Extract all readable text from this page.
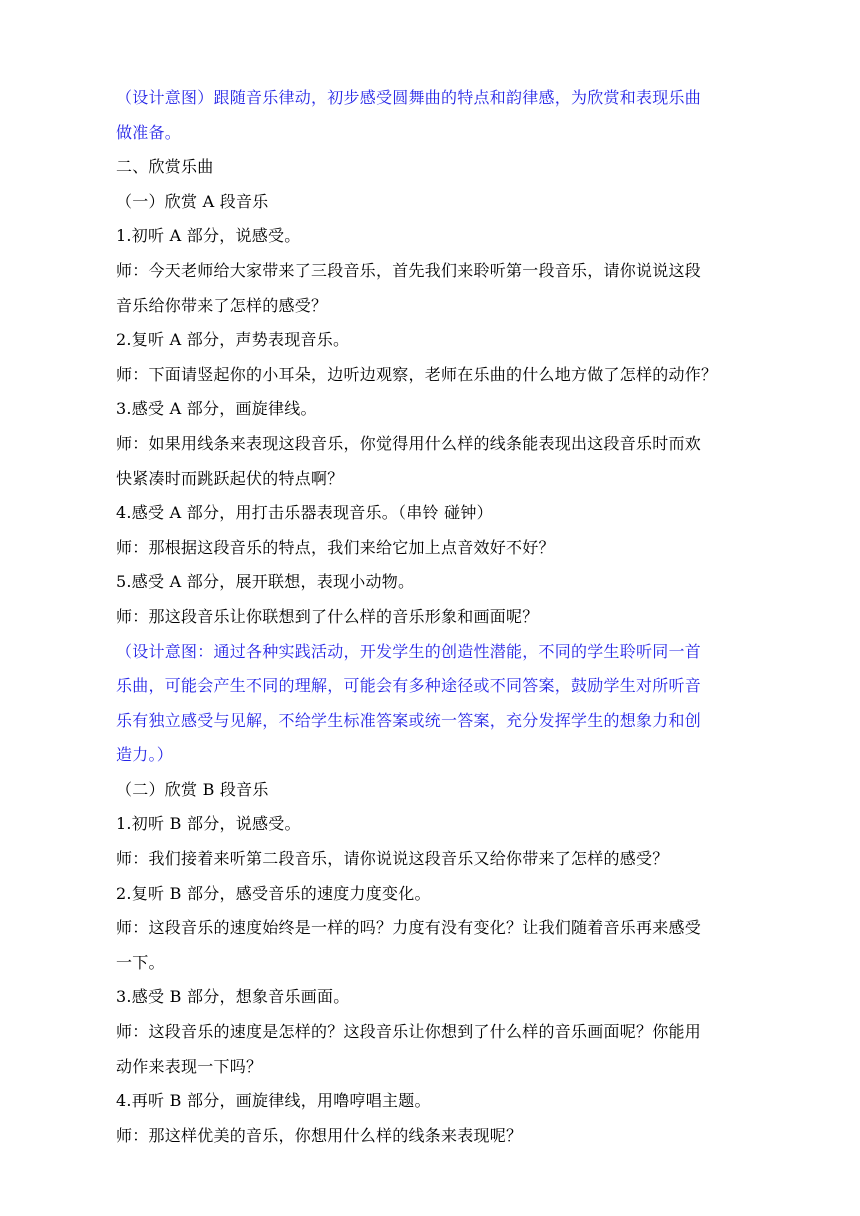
（设计意图）跟随音乐律动，初步感受圆舞曲的特点和韵律感，为欣赏和表现乐曲
做准备。
二、欣赏乐曲
（一）欣赏 A 段音乐
1.初听 A 部分，说感受。
师：今天老师给大家带来了三段音乐，首先我们来聆听第一段音乐，请你说说这段
音乐给你带来了怎样的感受？
2.复听 A 部分，声势表现音乐。
师：下面请竖起你的小耳朵，边听边观察，老师在乐曲的什么地方做了怎样的动作？
3.感受 A 部分，画旋律线。
师：如果用线条来表现这段音乐，你觉得用什么样的线条能表现出这段音乐时而欢
快紧凑时而跳跃起伏的特点啊？
4.感受 A 部分，用打击乐器表现音乐。（串铃 碰钟）
师：那根据这段音乐的特点，我们来给它加上点音效好不好？
5.感受 A 部分，展开联想，表现小动物。
师：那这段音乐让你联想到了什么样的音乐形象和画面呢？
（设计意图：通过各种实践活动，开发学生的创造性潜能，不同的学生聆听同一首
乐曲，可能会产生不同的理解，可能会有多种途径或不同答案，鼓励学生对所听音
乐有独立感受与见解，不给学生标准答案或统一答案，充分发挥学生的想象力和创
造力。）
（二）欣赏 B 段音乐
1.初听 B 部分，说感受。
师：我们接着来听第二段音乐，请你说说这段音乐又给你带来了怎样的感受？
2.复听 B 部分，感受音乐的速度力度变化。
师：这段音乐的速度始终是一样的吗？力度有没有变化？让我们随着音乐再来感受
一下。
3.感受 B 部分，想象音乐画面。
师：这段音乐的速度是怎样的？这段音乐让你想到了什么样的音乐画面呢？你能用
动作来表现一下吗？
4.再听 B 部分，画旋律线，用噜哼唱主题。
师：那这样优美的音乐，你想用什么样的线条来表现呢？
